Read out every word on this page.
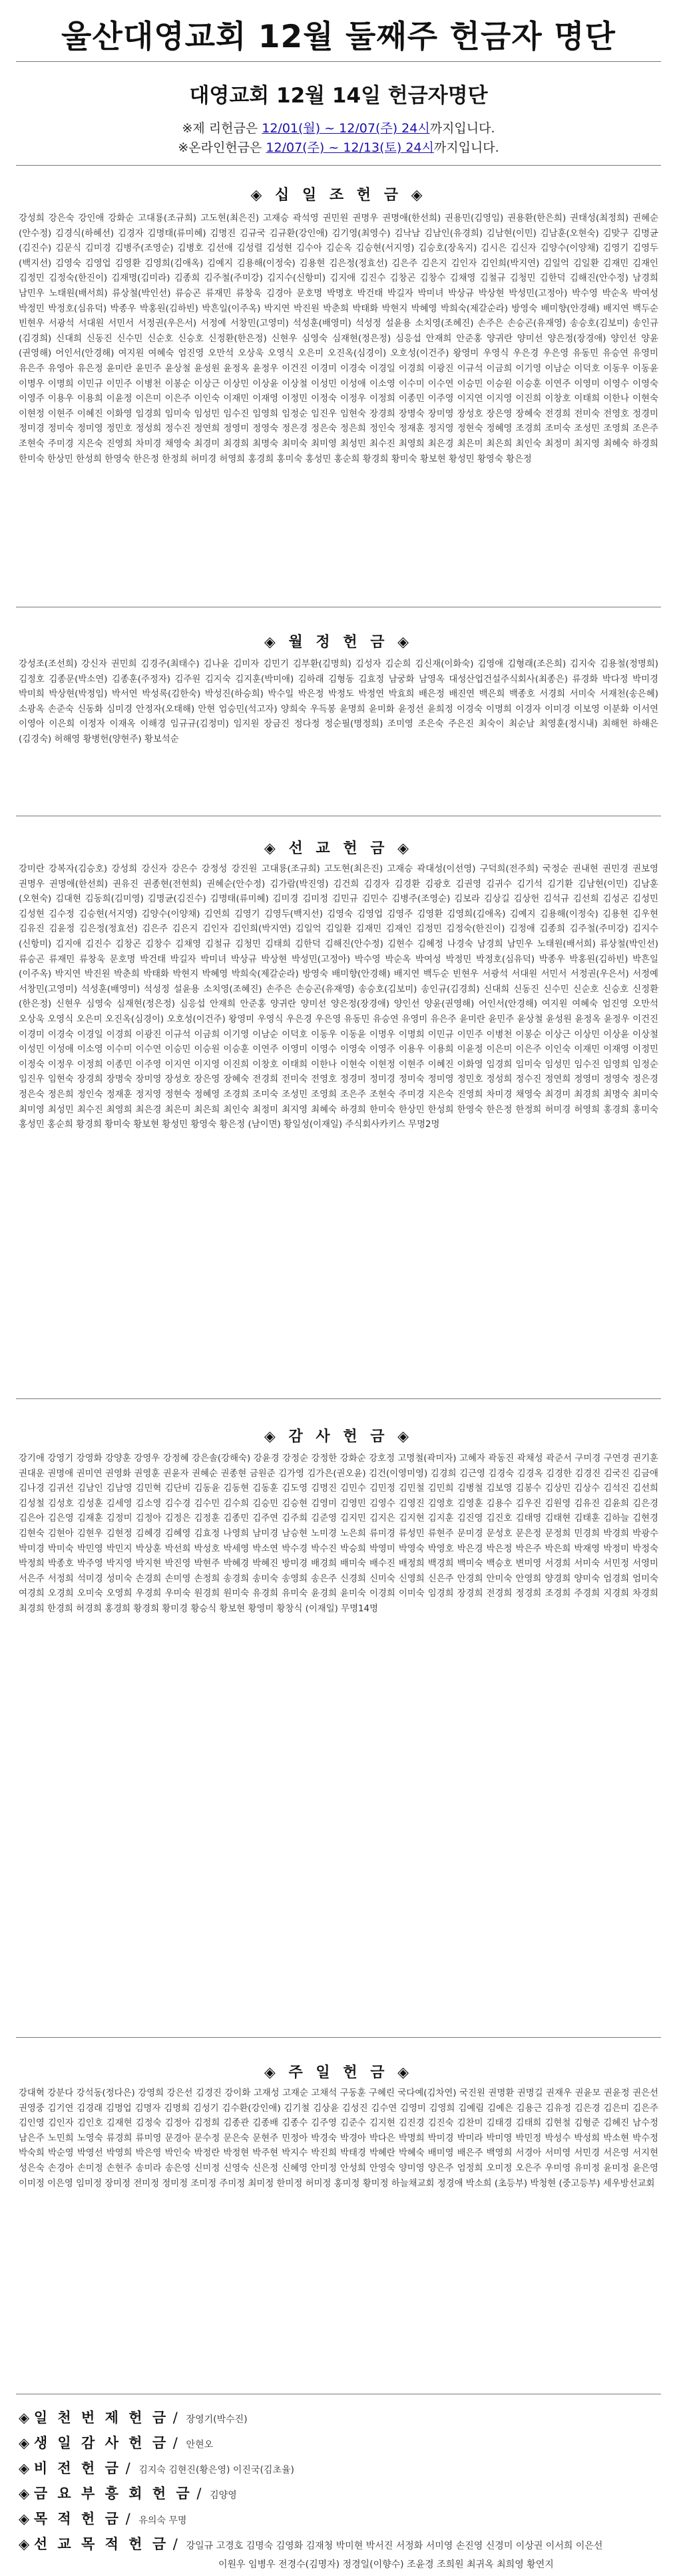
울산대영교회 12월 둘째주 헌금자 명단
대영교회 12월 14일 헌금자명단
※제 리헌금은 12/01(월) ~ 12/07(주) 24시까지입니다.
※온라인헌금은 12/07(주) ~ 12/13(토) 24시까지입니다.
◈ 십 일 조 헌 금 ◈
강성희 강은숙 강인애 강화순 고대룡(조규희) 고도현(최은진) 고재승 곽석영 권민원 권명우 권명애(한선희) 권용민(김영임) 권용환(한은희) 권태성(최정희) 권혜순(안수정) 김경식(하혜선) 김경자 김명태(류미혜) 김명진 김규국 김규환(강인애) 김기영(최영수) 김낙남 김남인(유경희) 김남현(이민) 김남훈(오현숙) 김맞구 김명균(김진수) 김문식 김미경 김병주(조영순) 김병호 김선애 김성렬 김성현 김수아 김순옥 김승현(서지영) 김승호(장옥지) 김시은 김신자 김양수(이양채) 김영기 김영두(백지선) 김영숙 김영업 김영환 김영희(김애옥) 김예지 김용해(이정숙) 김용현 김은정(정효선) 김은주 김은지 김인자 김인희(박지연) 김일억 김일환 김재민 김재인 김정민 김정숙(한진이) 김재명(김미라) 김종희 김주철(주미강) 김지수(신항미) 김지애 김진수 김창곤 김창수 김채영 김철규 김청민 김한덕 김해진(안수정) 남경희 남민우 노태원(배서희) 류상철(박인선) 류승곤 류재민 류창욱 김경아 문호명 박명호 박건태 박길자 박미녀 박상규 박상현 박성민(고정아) 박수영 박순옥 박여성 박정민 박정호(심유덕) 박종우 박홍원(김하빈) 박흔일(이주옥) 박지연 박진원 박춘희 박태화 박현지 박혜영 박희숙(제갈순라) 방영숙 배미향(안경해) 배지연 백두순 빈현우 서광석 서대원 서민서 서정권(우은서) 서정예 서창민(고영미) 석성훈(배영미) 석성정 설윤용 소치영(조혜진) 손주은 손승곤(유재영) 송승호(김보미) 송인규(김경희) 신대희 신동진 신수민 신순호 신승호 신정환(한은정) 신현우 심영숙 심재현(정은정) 심응섭 안재희 안준홍 양귀란 양미선 양은정(장경애) 양인선 양윤(권영해) 어인서(안경해) 여지원 여혜숙 엄진영 오만석 오상욱 오영식 오은미 오진옥(심경이) 오호성(이건주) 왕영미 우영식 우은경 우은영 유동민 유승연 유영미 유은주 유영아 유은정 윤미란 윤민주 윤상철 윤성원 윤정옥 윤정우 이건진 이경미 이경숙 이경일 이경희 이광진 이규석 이금희 이기영 이남순 이덕호 이동우 이동윤 이명우 이명희 이민규 이민주 이병천 이봉순 이상근 이상민 이상윤 이상철 이성민 이성애 이소영 이수미 이수연 이승민 이승원 이승훈 이연주 이영미 이영수 이영숙 이영주 이용우 이용희 이윤정 이은미 이은주 이인숙 이재민 이재영 이정민 이정숙 이정우 이정희 이종민 이주영 이지연 이지영 이진희 이창호 이태희 이한나 이현숙 이현정 이현주 이혜진 이화영 임경희 임미숙 임성민 임수진 임영희 임정순 임진우 임현숙 장경희 장명숙 장미영 장성호 장은영 장혜숙 전경희 전미숙 전영호 정경미 정미경 정미숙 정미영 정민호 정성희 정수진 정연희 정영미 정영숙 정은경 정은숙 정은희 정인숙 정재훈 정지영 정현숙 정혜영 조경희 조미숙 조성민 조영희 조은주 조현숙 주미경 지은숙 진영희 차미경 채영숙 최경미 최경희 최명숙 최미숙 최미영 최성민 최수진 최영희 최은경 최은미 최은희 최인숙 최정미 최지영 최혜숙 하경희 한미숙 한상민 한성희 한영숙 한은정 한정희 허미경 허영희 홍경희 홍미숙 홍성민 홍순희 황경희 황미숙 황보현 황성민 황영숙 황은정
◈ 월 정 헌 금 ◈
강성조(조선희) 강신자 권민희 김경주(최태수) 김나윤 김미자 김민기 김부환(김명희) 김성자 김순희 김신재(이화숙) 김영애 김형래(조은희) 김지숙 김용철(정명희) 김정호 김종문(박소연) 김종훈(주정자) 김주원 김지숙 김지훈(박미애) 김하래 김형동 김효정 남궁화 남영옥 대성산업건설주식회사(최종은) 류경화 박다정 박미경 박미희 박상현(박정임) 박서연 박성록(김한숙) 박성진(하승희) 박수일 박은정 박정도 박정연 박효희 배은정 배진연 백은희 백종호 서경희 서미숙 서재천(송은혜) 소광옥 손준숙 신동화 심미경 안정자(오태해) 안현 엄승민(석고자) 양희숙 우득봉 윤명희 윤미화 윤정선 윤희정 이경숙 이명희 이경자 이미경 이보영 이분화 이서연 이영아 이은희 이정자 이재옥 이해경 임규규(김정미) 임지원 장금진 정다정 정순필(명정희) 조미영 조은숙 주은진 최숙이 최순남 최영훈(정시내) 최해헌 하해은(김경숙) 허해영 황병헌(양현주) 황보석순
◈ 선 교 헌 금 ◈
강미란 강복자(김승호) 강성희 강신자 강은수 강정성 강진원 고대룡(조규희) 고도현(최은진) 고재승 곽대성(이선영) 구덕희(전주희) 국정순 권내현 권민경 권보영 권명우 권명애(한선희) 권유진 권종현(전현희) 권혜순(안수정) 김가람(박진영) 김건희 김경자 김경환 김광호 김권영 김귀수 김기석 김기환 김남현(이민) 김남훈(오현숙) 김대현 김동희(김미영) 김명균(김진수) 김명태(류미혜) 김미경 김미정 김민규 김민수 김병주(조영순) 김보라 김상길 김상헌 김석규 김선희 김성곤 김성민 김성현 김수정 김승현(서지영) 김양수(이양채) 김연희 김영기 김영두(백지선) 김영숙 김영업 김영주 김영환 김영희(김애옥) 김예지 김용해(이정숙) 김용현 김우현 김유진 김윤정 김은정(정효선) 김은주 김은지 김인자 김인희(박지연) 김일억 김일환 김재민 김재인 김정민 김정숙(한진이) 김정애 김종희 김주철(주미강) 김지수(신항미) 김지애 김진수 김창곤 김창수 김채영 김철규 김청민 김태희 김한덕 김해진(안수정) 김현수 김혜정 나경숙 남경희 남민우 노태원(배서희) 류상철(박인선) 류승곤 류재민 류창욱 문호명 박건태 박길자 박미녀 박상규 박상현 박성민(고정아) 박수영 박순옥 박여성 박정민 박정호(심유덕) 박종우 박홍원(김하빈) 박흔일(이주옥) 박지연 박진원 박춘희 박태화 박현지 박혜영 박희숙(제갈순라) 방영숙 배미향(안경해) 배지연 백두순 빈현우 서광석 서대원 서민서 서정권(우은서) 서정예 서창민(고영미) 석성훈(배영미) 석성정 설윤용 소치영(조혜진) 손주은 손승곤(유재영) 송승호(김보미) 송인규(김경희) 신대희 신동진 신수민 신순호 신승호 신정환(한은정) 신현우 심영숙 심재현(정은정) 심응섭 안재희 안준홍 양귀란 양미선 양은정(장경애) 양인선 양윤(권영해) 어인서(안경해) 여지원 여혜숙 엄진영 오만석 오상욱 오영식 오은미 오진옥(심경이) 오호성(이건주) 왕영미 우영식 우은경 우은영 유동민 유승연 유영미 유은주 윤미란 윤민주 윤상철 윤성원 윤정옥 윤정우 이건진 이경미 이경숙 이경일 이경희 이광진 이규석 이금희 이기영 이남순 이덕호 이동우 이동윤 이명우 이명희 이민규 이민주 이병천 이봉순 이상근 이상민 이상윤 이상철 이성민 이성애 이소영 이수미 이수연 이승민 이승원 이승훈 이연주 이영미 이영수 이영숙 이영주 이용우 이용희 이윤정 이은미 이은주 이인숙 이재민 이재영 이정민 이정숙 이정우 이정희 이종민 이주영 이지연 이지영 이진희 이창호 이태희 이한나 이현숙 이현정 이현주 이혜진 이화영 임경희 임미숙 임성민 임수진 임영희 임정순 임진우 임현숙 장경희 장명숙 장미영 장성호 장은영 장혜숙 전경희 전미숙 전영호 정경미 정미경 정미숙 정미영 정민호 정성희 정수진 정연희 정영미 정영숙 정은경 정은숙 정은희 정인숙 정재훈 정지영 정현숙 정혜영 조경희 조미숙 조성민 조영희 조은주 조현숙 주미경 지은숙 진영희 차미경 채영숙 최경미 최경희 최명숙 최미숙 최미영 최성민 최수진 최영희 최은경 최은미 최은희 최인숙 최정미 최지영 최혜숙 하경희 한미숙 한상민 한성희 한영숙 한은정 한정희 허미경 허영희 홍경희 홍미숙 홍성민 홍순희 황경희 황미숙 황보현 황성민 황영숙 황은정 (남이면) 황일성(이재일) 주식회사카키스 무명2명
◈ 감 사 헌 금 ◈
강기애 강영기 강영화 강양훈 강영우 강정혜 강은솔(강해숙) 강윤경 강정순 강정한 강화순 강호정 고명철(곽미자) 고혜자 곽동진 곽채성 곽준서 구미경 구연경 권기훈 권대운 권명애 권미연 권영화 권영훈 권윤자 권혜순 권종현 금원준 김가영 김가은(권오윤) 김건(이영미영) 김경희 김근영 김경숙 김경옥 김경한 김경진 김국진 김금애 김나경 김귀선 김남인 김남영 김민혁 김단비 김동윤 김동현 김동훈 김도영 김명진 김민수 김민정 김민철 김민희 김병철 김보영 김봉수 김상민 김상수 김석진 김선희 김성철 김성호 김성훈 김세영 김소영 김수경 김수민 김수희 김승민 김승현 김영미 김영민 김영수 김영진 김영호 김영훈 김용수 김우진 김원영 김유진 김윤희 김은경 김은아 김은영 김재훈 김정미 김정아 김정은 김정훈 김종민 김주연 김주희 김준영 김지민 김지은 김지현 김지훈 김진영 김진호 김태영 김태현 김태훈 김하늘 김현경 김현숙 김현아 김현우 김현정 김혜경 김혜영 김효정 나영희 남미경 남승현 노미경 노은희 류미경 류성민 류현주 문미경 문성호 문은정 문정희 민경희 박경희 박광수 박미경 박미숙 박민영 박민지 박상훈 박선희 박성호 박세영 박소연 박수경 박수진 박승희 박영미 박영숙 박영호 박은경 박은정 박은주 박은희 박재영 박정미 박정숙 박정희 박종호 박주영 박지영 박지현 박진영 박현주 박혜경 박혜진 방미경 배경희 배미숙 배수진 배정희 백경희 백미숙 백승호 변미영 서경희 서미숙 서민정 서영미 서은주 서정희 석미경 성미숙 손경희 손미영 손정희 송경희 송미숙 송영희 송은주 신경희 신미숙 신영희 신은주 안경희 안미숙 안영희 양경희 양미숙 엄경희 엄미숙 여경희 오경희 오미숙 오영희 우경희 우미숙 원경희 원미숙 유경희 유미숙 윤경희 윤미숙 이경희 이미숙 임경희 장경희 전경희 정경희 조경희 주경희 지경희 차경희 최경희 한경희 허경희 홍경희 황경희 황미경 황승식 황보현 황영미 황창식 (이재일) 무명14명
◈ 주 일 헌 금 ◈
강대혁 강분다 강석동(정다은) 강영희 강은선 김경진 강이화 고재성 고재순 고채석 구동훈 구혜린 국다예(김차연) 국진원 권명환 권명길 권재우 권윤모 권윤정 권은선 권영중 김기연 김경래 김명업 김명자 김명희 김성기 김수환(강인애) 김기철 김상윤 김성진 김수연 김영미 김영희 김예림 김예은 김용근 김유정 김은경 김은미 김은주 김인영 김인자 김인호 김재현 김정숙 김정아 김정희 김종관 김종배 김종수 김주영 김준수 김지현 김진경 김진숙 김찬미 김태경 김태희 김현철 김형준 김혜진 남수정 남은주 노민희 노영숙 류경희 류미영 문경아 문수정 문은숙 문현주 민정아 박경숙 박경아 박다은 박명희 박미경 박미라 박미영 박민정 박성수 박성희 박소현 박수정 박숙희 박순영 박영선 박영희 박은영 박인숙 박정란 박정현 박주현 박지수 박진희 박태경 박혜란 박혜숙 배미영 배은주 백영희 서경아 서미영 서민경 서은영 서지현 성은숙 손경아 손미정 손현주 송미라 송은영 신미정 신영숙 신은정 신혜영 안미정 안성희 안영숙 양미영 양은주 엄정희 오미정 오은주 우미영 유미정 윤미정 윤은영 이미정 이은영 임미정 장미정 전미정 정미정 조미정 주미정 최미정 한미정 허미정 홍미정 황미정 하늘채교회 정경애 박소희 (초등부) 박청현 (중고등부) 세우방선교회
◈ 일 천 번 제 헌 금 / 장영기(박수진)
◈ 생 일 감 사 헌 금 / 안현오
◈ 비 전 헌 금 / 김지숙 김현진(황은영) 이진국(김초율)
◈ 금 요 부 흥 회 헌 금 / 김양영
◈ 목 적 헌 금 / 유의숙 무명
◈ 선 교 목 적 헌 금 / 강일규 고경호 김명숙 김영화 김재청 박미현 박서진 서정화 서미영 손진영 신경미 이상권 이서희 이은선
이원우 임병우 전경수(김명자) 정경일(이향수) 조윤경 조희원 최귀옥 최희영 황연지
